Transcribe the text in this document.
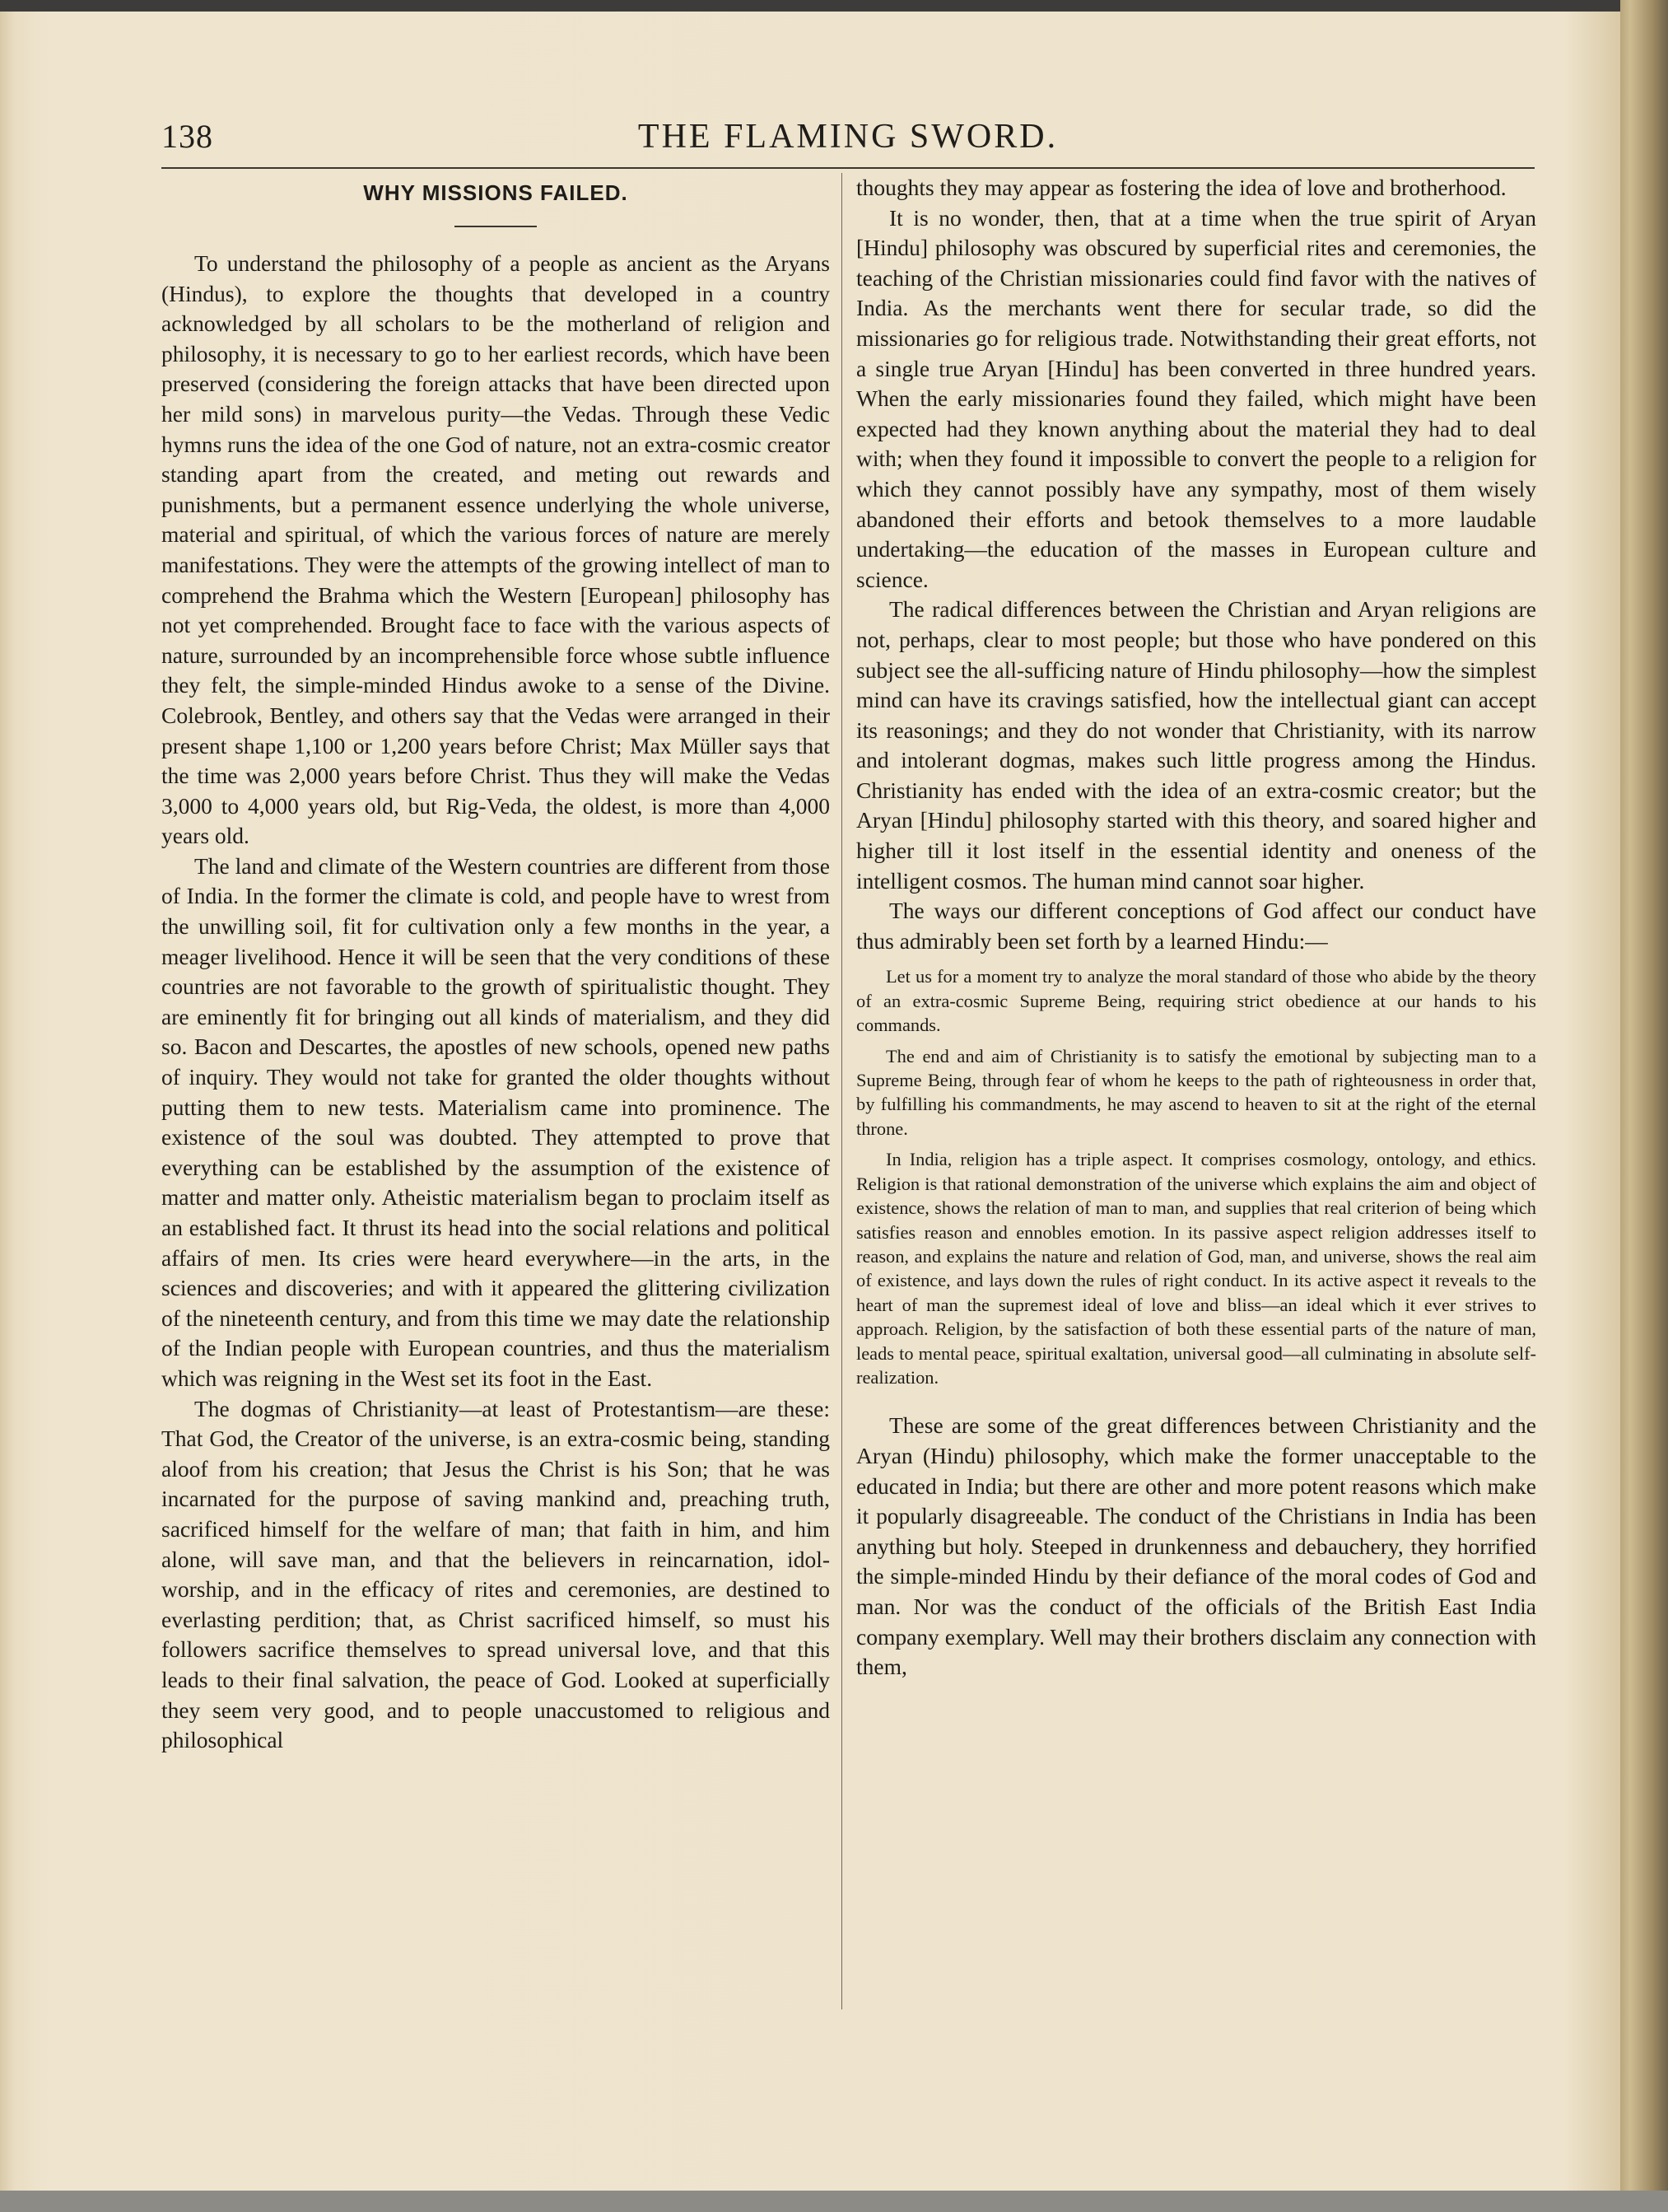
138	THE FLAMING SWORD.
WHY MISSIONS FAILED.

To understand the philosophy of a people as ancient as the Aryans (Hindus), to explore the thoughts that developed in a country acknowledged by all scholars to be the motherland of religion and philosophy, it is necessary to go to her earliest records, which have been preserved (considering the foreign attacks that have been directed upon her mild sons) in marvelous purity—the Vedas. Through these Vedic hymns runs the idea of the one God of nature, not an extra-cosmic creator standing apart from the created, and meting out rewards and punishments, but a permanent essence underlying the whole universe, material and spiritual, of which the various forces of nature are merely manifestations. They were the attempts of the growing intellect of man to comprehend the Brahma which the Western [European] philosophy has not yet comprehended. Brought face to face with the various aspects of nature, surrounded by an incomprehensible force whose subtle influence they felt, the simple-minded Hindus awoke to a sense of the Divine. Colebrook, Bentley, and others say that the Vedas were arranged in their present shape 1,100 or 1,200 years before Christ; Max Müller says that the time was 2,000 years before Christ. Thus they will make the Vedas 3,000 to 4,000 years old, but Rig-Veda, the oldest, is more than 4,000 years old.

The land and climate of the Western countries are different from those of India. In the former the climate is cold, and people have to wrest from the unwilling soil, fit for cultivation only a few months in the year, a meager livelihood. Hence it will be seen that the very conditions of these countries are not favorable to the growth of spiritualistic thought. They are eminently fit for bringing out all kinds of materialism, and they did so. Bacon and Descartes, the apostles of new schools, opened new paths of inquiry. They would not take for granted the older thoughts without putting them to new tests. Materialism came into prominence. The existence of the soul was doubted. They attempted to prove that everything can be established by the assumption of the existence of matter and matter only. Atheistic materialism began to proclaim itself as an established fact. It thrust its head into the social relations and political affairs of men. Its cries were heard everywhere—in the arts, in the sciences and discoveries; and with it appeared the glittering civilization of the nineteenth century, and from this time we may date the relationship of the Indian people with European countries, and thus the materialism which was reigning in the West set its foot in the East.

The dogmas of Christianity—at least of Protestantism—are these: That God, the Creator of the universe, is an extra-cosmic being, standing aloof from his creation; that Jesus the Christ is his Son; that he was incarnated for the purpose of saving mankind and, preaching truth, sacrificed himself for the welfare of man; that faith in him, and him alone, will save man, and that the believers in reincarnation, idol-worship, and in the efficacy of rites and ceremonies, are destined to everlasting perdition; that, as Christ sacrificed himself, so must his followers sacrifice themselves to spread universal love, and that this leads to their final salvation, the peace of God. Looked at superficially they seem very good, and to people unaccustomed to religious and philosophical

thoughts they may appear as fostering the idea of love and brotherhood.

It is no wonder, then, that at a time when the true spirit of Aryan [Hindu] philosophy was obscured by superficial rites and ceremonies, the teaching of the Christian missionaries could find favor with the natives of India. As the merchants went there for secular trade, so did the missionaries go for religious trade. Notwithstanding their great efforts, not a single true Aryan [Hindu] has been converted in three hundred years. When the early missionaries found they failed, which might have been expected had they known anything about the material they had to deal with; when they found it impossible to convert the people to a religion for which they cannot possibly have any sympathy, most of them wisely abandoned their efforts and betook themselves to a more laudable undertaking—the education of the masses in European culture and science.

The radical differences between the Christian and Aryan religions are not, perhaps, clear to most people; but those who have pondered on this subject see the all-sufficing nature of Hindu philosophy—how the simplest mind can have its cravings satisfied, how the intellectual giant can accept its reasonings; and they do not wonder that Christianity, with its narrow and intolerant dogmas, makes such little progress among the Hindus. Christianity has ended with the idea of an extra-cosmic creator; but the Aryan [Hindu] philosophy started with this theory, and soared higher and higher till it lost itself in the essential identity and oneness of the intelligent cosmos. The human mind cannot soar higher.

The ways our different conceptions of God affect our conduct have thus admirably been set forth by a learned Hindu:—

Let us for a moment try to analyze the moral standard of those who abide by the theory of an extra-cosmic Supreme Being, requiring strict obedience at our hands to his commands.

The end and aim of Christianity is to satisfy the emotional by subjecting man to a Supreme Being, through fear of whom he keeps to the path of righteousness in order that, by fulfilling his commandments, he may ascend to heaven to sit at the right of the eternal throne.

In India, religion has a triple aspect. It comprises cosmology, ontology, and ethics. Religion is that rational demonstration of the universe which explains the aim and object of existence, shows the relation of man to man, and supplies that real criterion of being which satisfies reason and ennobles emotion. In its passive aspect religion addresses itself to reason, and explains the nature and relation of God, man, and universe, shows the real aim of existence, and lays down the rules of right conduct. In its active aspect it reveals to the heart of man the supremest ideal of love and bliss—an ideal which it ever strives to approach. Religion, by the satisfaction of both these essential parts of the nature of man, leads to mental peace, spiritual exaltation, universal good—all culminating in absolute self-realization.

These are some of the great differences between Christianity and the Aryan (Hindu) philosophy, which make the former unacceptable to the educated in India; but there are other and more potent reasons which make it popularly disagreeable. The conduct of the Christians in India has been anything but holy. Steeped in drunkenness and debauchery, they horrified the simple-minded Hindu by their defiance of the moral codes of God and man. Nor was the conduct of the officials of the British East India company exemplary. Well may their brothers disclaim any connection with them,
